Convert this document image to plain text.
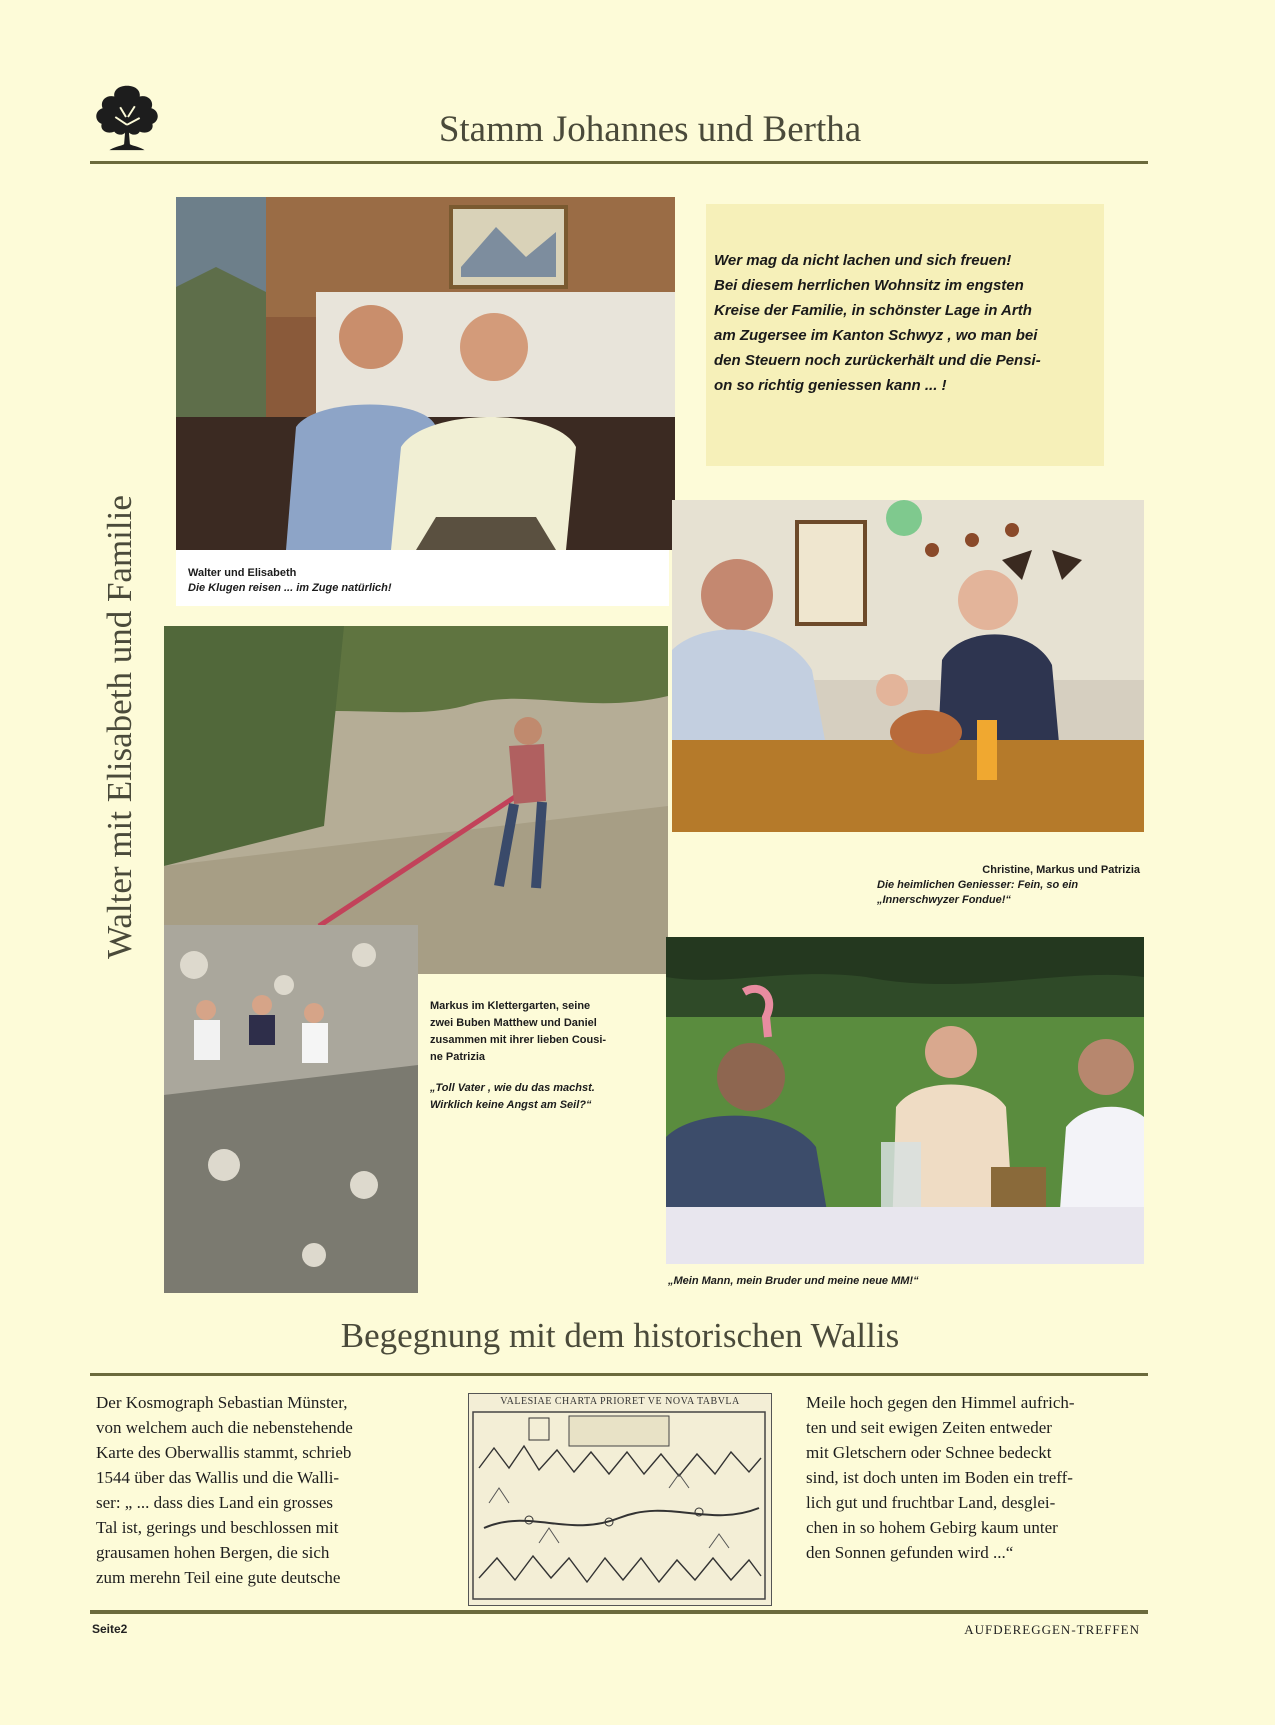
Stamm Johannes und Bertha
Walter mit Elisabeth und Familie
Wer mag da nicht lachen und sich freuen!
Bei diesem herrlichen Wohnsitz im engsten
Kreise der Familie, in schönster Lage in Arth
am Zugersee im Kanton Schwyz , wo man bei
den Steuern noch zurückerhält und die Pensi-
on so richtig geniessen kann ... !
Walter und Elisabeth
Die Klugen reisen ... im Zuge natürlich!
Christine, Markus und Patrizia
Die heimlichen Geniesser: Fein, so ein
„Innerschwyzer Fondue!“
Markus im Klettergarten, seine
zwei Buben Matthew und Daniel
zusammen mit ihrer lieben Cousi-
ne Patrizia
„Toll Vater , wie du das machst.
Wirklich keine Angst am Seil?“
„Mein Mann, mein Bruder und meine neue MM!“
Begegnung mit dem historischen Wallis
Der Kosmograph Sebastian Münster,
von welchem auch die nebenstehende
Karte des Oberwallis stammt, schrieb
1544 über das Wallis und die Walli-
ser: „ ... dass dies Land ein grosses
Tal ist, gerings und beschlossen mit
grausamen hohen Bergen, die sich
zum merehn Teil eine gute deutsche
VALESIAE CHARTA PRIORET VE NOVA TABVLA	Meile hoch gegen den Himmel aufrich-
ten und seit ewigen Zeiten entweder
mit Gletschern oder Schnee bedeckt
sind, ist doch unten im Boden ein treff-
lich gut und fruchtbar Land, desglei-
chen in so hohem Gebirg kaum unter
den Sonnen gefunden wird ...“
Seite2	AUFDEREGGEN-TREFFEN
